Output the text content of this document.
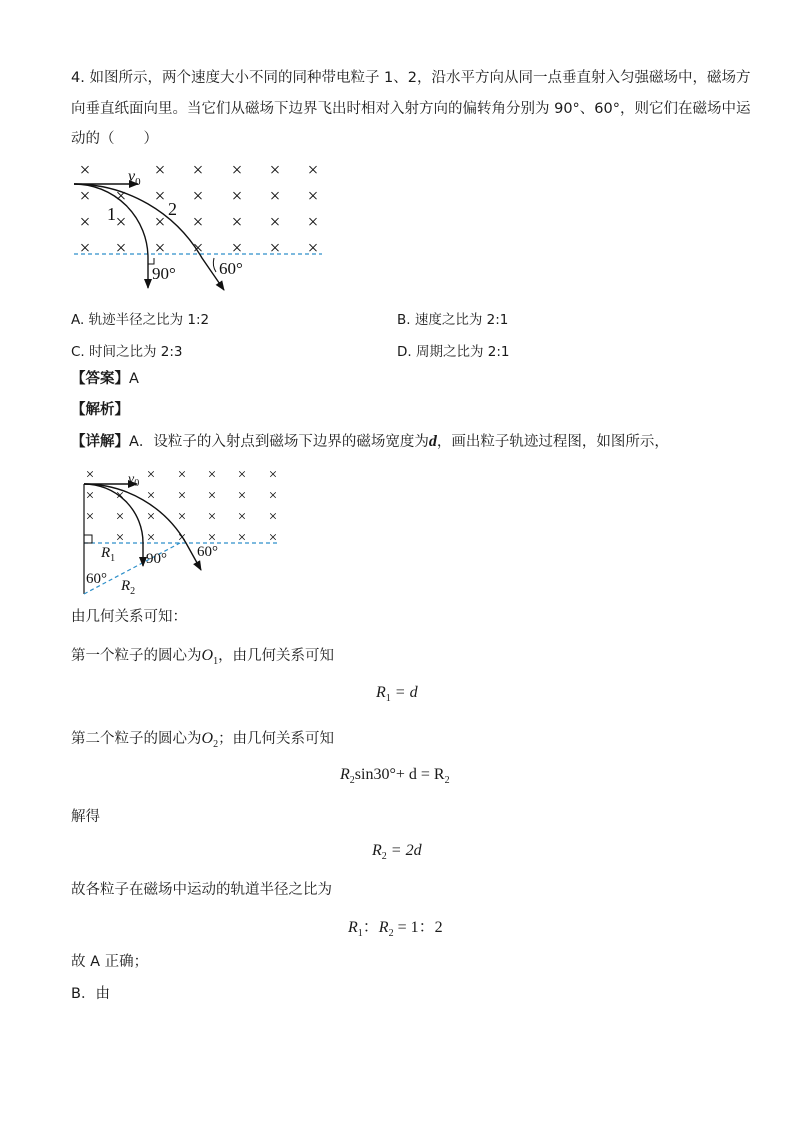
4. 如图所示，两个速度大小不同的同种带电粒子 1、2，沿水平方向从同一点垂直射入匀强磁场中，磁场方
向垂直纸面向里。当它们从磁场下边界飞出时相对入射方向的偏转角分别为 90°、60°，则它们在磁场中运
动的（　　）
×	× × × × ×
× × × × × × ×
× × × × × × ×
× × × × × × ×
$v_0$
1	2
90°	60°
A. 轨迹半径之比为 1:2	B. 速度之比为 2:1
C. 时间之比为 2:3	D. 周期之比为 2:1
【答案】A
【解析】
【详解】A．设粒子的入射点到磁场下边界的磁场宽度为d，画出粒子轨迹过程图，如图所示，
×	× × × × ×
× × × × × × ×
× × × × × × ×
× × × × × ×
$v_0$
$R_1$
$R_2$
90° 60°
60°
由几何关系可知：
第一个粒子的圆心为$O_1$，由几何关系可知
$R_1 = d$
第二个粒子的圆心为$O_2$；由几何关系可知
$R_2\sin 30^\circ+ d = R_2$
解得
$R_2 = 2d$
故各粒子在磁场中运动的轨道半径之比为
$R_1$：$R_2 = 1$：2
故 A 正确；
B．由
